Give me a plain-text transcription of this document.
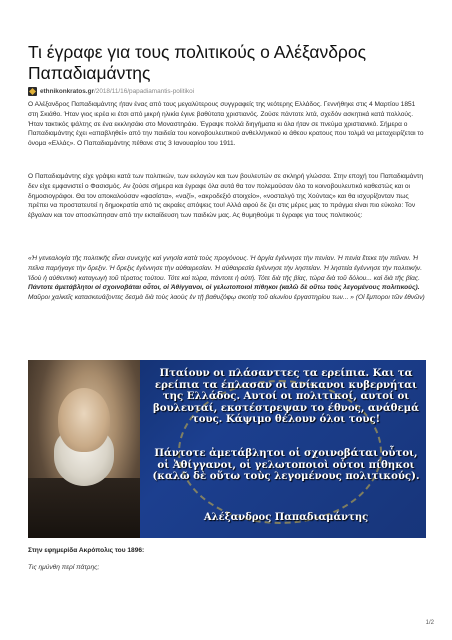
Τι έγραφε για τους πολιτικούς ο Αλέξανδρος Παπαδιαμάντης
ethnikonkratos.gr /2018/11/16/papadiamantis-politikoi

Ο Αλέξανδρος Παπαδιαμάντης ήταν ένας από τους μεγαλύτερους συγγραφείς της νεότερης Ελλάδος. Γεννήθηκε στις 4 Μαρτίου 1851 στη Σκιάθο. Ήταν γιος ιερέα κι έτσι από μικρή ηλικία έγινε βαθύτατα χριστιανός. Ζούσε πάντοτε λιτά, σχεδόν ασκητικά κατά πολλούς. Ήταν τακτικός ψάλτης σε ένα εκκλησάκι στο Μοναστηράκι. Έγραψε πολλά διηγήματα κι όλα ήταν σε πνεύμα χριστιανικό. Σήμερα ο Παπαδιαμάντης έχει «απαβληθεί» από την παιδεία του κοινοβουλευτικού ανθελληνικού κι άθεου κρατους που τολμά να μεταχειρίζεται το όνομα «Ελλάς». Ο Παπαδιαμάντης πέθανε στις 3 Ιανουαρίου του 1911.

Ο Παπαδιαμάντης είχε γράψει κατά των πολιτικών, των εκλογών και των βουλευτών σε σκληρή γλώσσα. Στην εποχή του Παπαδιαμάντη δεν είχε εμφανιστεί ο Φασισμός. Αν ζούσε σήμερα και έγραφε όλα αυτά θα τον πολεμούσαν όλο το κοινοβουλευτικό καθεστώς και οι δημοσιογράφοι. Θα τον αποκαλούσαν «φασίστα», «ναζί», «ακροδεξιό στοιχείο», «νοσταλγό της Χούντας» και θα ισχυρίζονταν πως πρέπει να προστατευτεί η δημοκρατία από τις ακραίες απόψεις του! Αλλά αφού δε ζει στις μέρες μας το πράγμα είναι πιο εύκολο: Τον έβγαλαν και τον αποσιώπησαν από την εκπαίδευση των παιδιών μας. Ας θυμηθούμε τι έγραφε για τους πολιτικούς:

«Ἡ γενεαλογία τῆς πολιτικῆς εἶναι συνεχὴς καὶ γνησία κατὰ τοὺς προγόνους. Ἡ ἀργία ἐγέννησε τὴν πενίαν. Ἡ πενία ἔτεκε τὴν πεῖναν. Ἡ πεῖνα παρήγαγε τὴν ὄρεξιν. Ἡ ὄρεξις ἐγέννησε τὴν αὐθαιρεσίαν. Ἡ αὐθαιρεσία ἐγέννησε τὴν ληστείαν. Ἡ ληστεία ἐγέννησε τὴν πολιτικήν. Ἰδοὺ ἡ αὐθεντικὴ καταγωγὴ τοῦ τέρατος τούτου. Τότε καὶ τώρα, πάντοτε ἡ αὐτή. Τότε διὰ τῆς βίας, τώρα διὰ τοῦ δόλου... καὶ διὰ τῆς βίας. Πάντοτε ἀμετάβλητοι οἱ σχοινοβάται οὗτοι, οἱ Ἀθίγγανοι, οἱ γελωτοποιοὶ πίθηκοι (καλῶ δὲ οὕτω τοὺς λεγομένους πολιτικούς). Μαῦροι χαλκεῖς κατασκευάζοντες δεσμὰ διὰ τοὺς λαοὺς ἐν τῇ βαθυζόφῳ σκοτίᾳ τοῦ αἰωνίου ἐργαστηρίου των... » (Οἱ ἔμποροι τῶν ἐθνῶν)

Πταίουν οι πλάσανττες τα ερείπια. Και τα ερείπια τα έπλασαν οι ανίκανοι κυβερνήται της Ελλάδος. Αυτοί οι πολιτικοί, αυτοί οι βουλευταί, εκστέστρεψαν το έθνος, ανάθεμά τους. Κάψιμο θέλουν όλοι τους!

Πάντοτε ἀμετάβλητοι οἱ σχοινοβάται οὗτοι, οἱ Ἀθίγγανοι, οἱ γελωτοποιοὶ οὗτοι πίθηκοι (καλῶ δὲ οὕτω τοὺς λεγομένους πολιτικούς).

Αλέξανδρος Παπαδιαμάντης

Στην εφημερίδα Ακρόπολις του 1896:

Τις ημύνθη περί πάτρης;

1/2
